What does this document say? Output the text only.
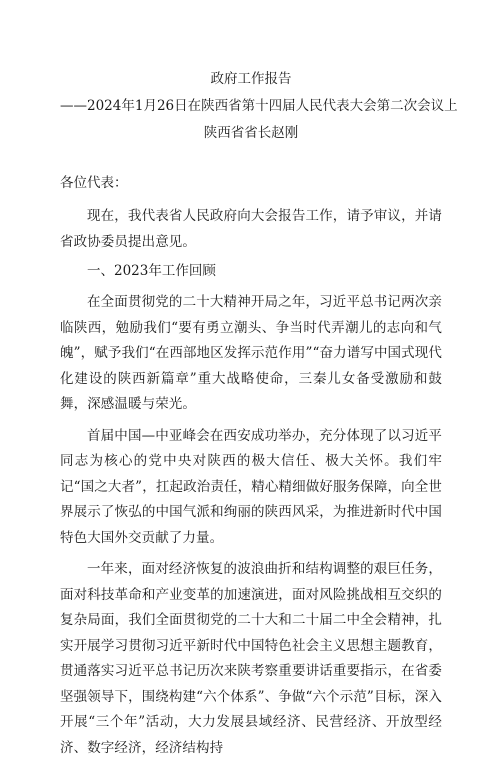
政府工作报告
——2024年1月26日在陕西省第十四届人民代表大会第二次会议上
陕西省省长赵刚
各位代表：

现在，我代表省人民政府向大会报告工作，请予审议，并请省政协委员提出意见。

一、2023年工作回顾

在全面贯彻党的二十大精神开局之年，习近平总书记两次亲临陕西，勉励我们“要有勇立潮头、争当时代弄潮儿的志向和气魄”，赋予我们“在西部地区发挥示范作用”“奋力谱写中国式现代化建设的陕西新篇章”重大战略使命，三秦儿女备受激励和鼓舞，深感温暖与荣光。

首届中国—中亚峰会在西安成功举办，充分体现了以习近平同志为核心的党中央对陕西的极大信任、极大关怀。我们牢记“国之大者”，扛起政治责任，精心精细做好服务保障，向全世界展示了恢弘的中国气派和绚丽的陕西风采，为推进新时代中国特色大国外交贡献了力量。

一年来，面对经济恢复的波浪曲折和结构调整的艰巨任务，面对科技革命和产业变革的加速演进，面对风险挑战相互交织的复杂局面，我们全面贯彻党的二十大和二十届二中全会精神，扎实开展学习贯彻习近平新时代中国特色社会主义思想主题教育，贯通落实习近平总书记历次来陕考察重要讲话重要指示，在省委坚强领导下，围绕构建“六个体系”、争做“六个示范”目标，深入开展“三个年”活动，大力发展县域经济、民营经济、开放型经济、数字经济，经济结构持
